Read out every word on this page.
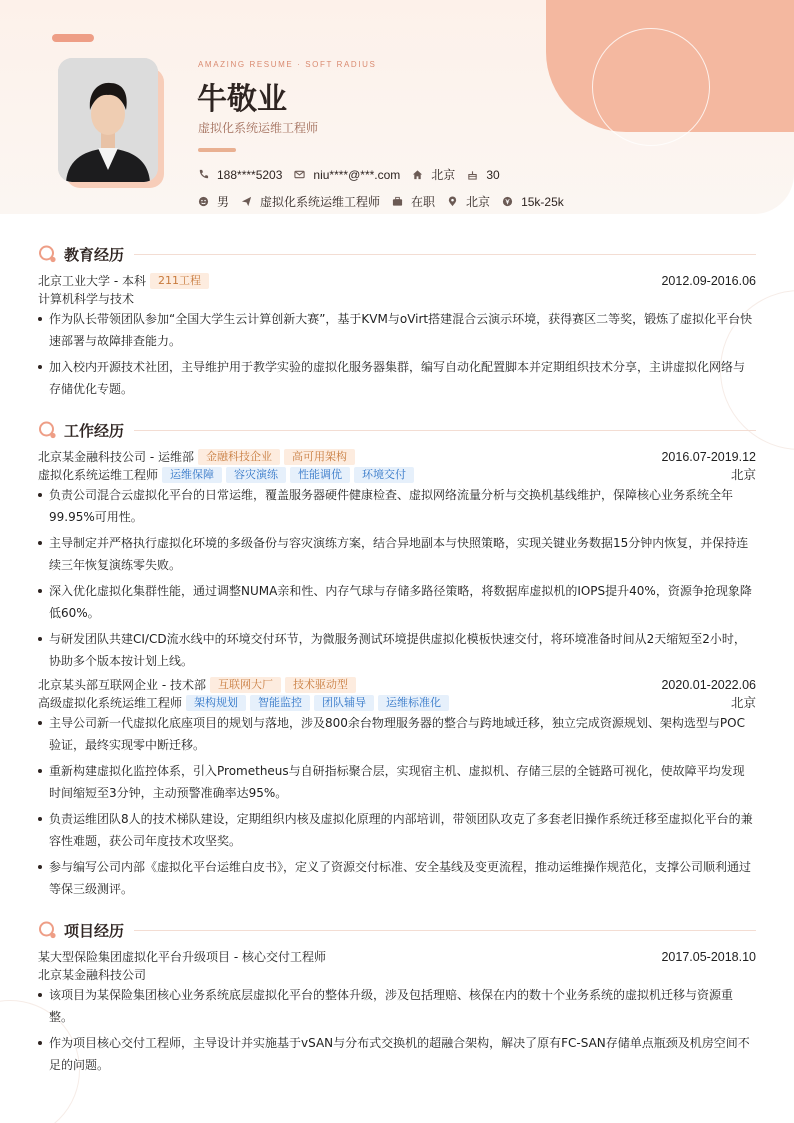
AMAZING RESUME · SOFT RADIUS
牛敬业
虚拟化系统运维工程师
188****5203	niu****@***.com	北京	30
男	虚拟化系统运维工程师	在职	北京	15k-25k
教育经历
北京工业大学 - 本科	211工程	2012.09-2016.06
计算机科学与技术
作为队长带领团队参加“全国大学生云计算创新大赛”，基于KVM与oVirt搭建混合云演示环境，获得赛区二等奖，锻炼了虚拟化平台快速部署与故障排查能力。
加入校内开源技术社团，主导维护用于教学实验的虚拟化服务器集群，编写自动化配置脚本并定期组织技术分享，主讲虚拟化网络与存储优化专题。
工作经历
北京某金融科技公司 - 运维部	金融科技企业	高可用架构	2016.07-2019.12
虚拟化系统运维工程师	运维保障	容灾演练	性能调优	环境交付	北京
负责公司混合云虚拟化平台的日常运维，覆盖服务器硬件健康检查、虚拟网络流量分析与交换机基线维护，保障核心业务系统全年99.95%可用性。
主导制定并严格执行虚拟化环境的多级备份与容灾演练方案，结合异地副本与快照策略，实现关键业务数据15分钟内恢复，并保持连续三年恢复演练零失败。
深入优化虚拟化集群性能，通过调整NUMA亲和性、内存气球与存储多路径策略，将数据库虚拟机的IOPS提升40%，资源争抢现象降低60%。
与研发团队共建CI/CD流水线中的环境交付环节，为微服务测试环境提供虚拟化模板快速交付，将环境准备时间从2天缩短至2小时，协助多个版本按计划上线。
北京某头部互联网企业 - 技术部	互联网大厂	技术驱动型	2020.01-2022.06
高级虚拟化系统运维工程师	架构规划	智能监控	团队辅导	运维标准化	北京
主导公司新一代虚拟化底座项目的规划与落地，涉及800余台物理服务器的整合与跨地域迁移，独立完成资源规划、架构选型与POC验证，最终实现零中断迁移。
重新构建虚拟化监控体系，引入Prometheus与自研指标聚合层，实现宿主机、虚拟机、存储三层的全链路可视化，使故障平均发现时间缩短至3分钟，主动预警准确率达95%。
负责运维团队8人的技术梯队建设，定期组织内核及虚拟化原理的内部培训，带领团队攻克了多套老旧操作系统迁移至虚拟化平台的兼容性难题，获公司年度技术攻坚奖。
参与编写公司内部《虚拟化平台运维白皮书》，定义了资源交付标准、安全基线及变更流程，推动运维操作规范化，支撑公司顺利通过等保三级测评。
项目经历
某大型保险集团虚拟化平台升级项目 - 核心交付工程师	2017.05-2018.10
北京某金融科技公司
该项目为某保险集团核心业务系统底层虚拟化平台的整体升级，涉及包括理赔、核保在内的数十个业务系统的虚拟机迁移与资源重整。
作为项目核心交付工程师，主导设计并实施基于vSAN与分布式交换机的超融合架构，解决了原有FC-SAN存储单点瓶颈及机房空间不足的问题。
